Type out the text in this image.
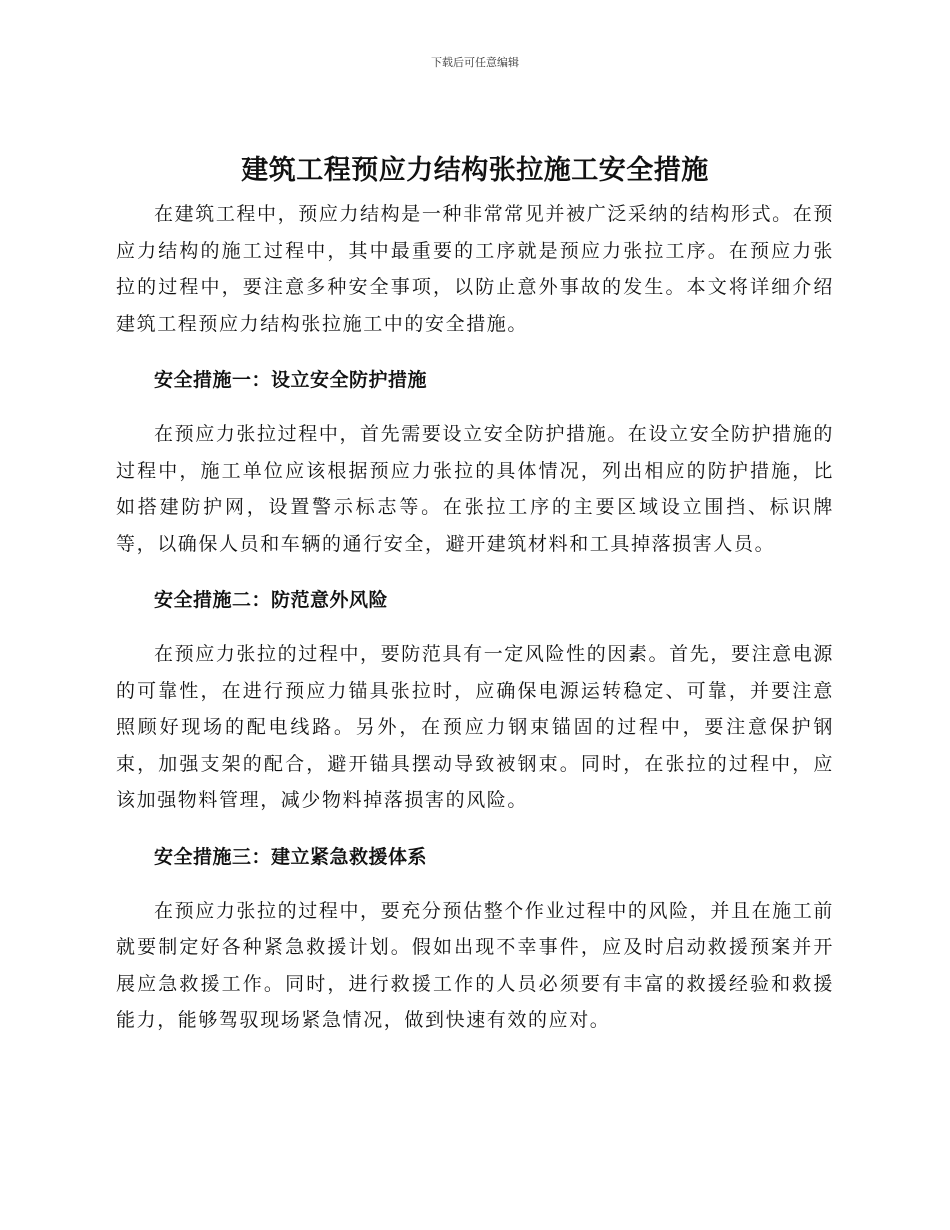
下载后可任意编辑
建筑工程预应力结构张拉施工安全措施

在建筑工程中，预应力结构是一种非常常见并被广泛采纳的结构形式。在预应力结构的施工过程中，其中最重要的工序就是预应力张拉工序。在预应力张拉的过程中，要注意多种安全事项，以防止意外事故的发生。本文将详细介绍建筑工程预应力结构张拉施工中的安全措施。

安全措施一：设立安全防护措施

在预应力张拉过程中，首先需要设立安全防护措施。在设立安全防护措施的过程中，施工单位应该根据预应力张拉的具体情况，列出相应的防护措施，比如搭建防护网，设置警示标志等。在张拉工序的主要区域设立围挡、标识牌等，以确保人员和车辆的通行安全，避开建筑材料和工具掉落损害人员。

安全措施二：防范意外风险

在预应力张拉的过程中，要防范具有一定风险性的因素。首先，要注意电源的可靠性，在进行预应力锚具张拉时，应确保电源运转稳定、可靠，并要注意照顾好现场的配电线路。另外，在预应力钢束锚固的过程中，要注意保护钢束，加强支架的配合，避开锚具摆动导致被钢束。同时，在张拉的过程中，应该加强物料管理，减少物料掉落损害的风险。

安全措施三：建立紧急救援体系

在预应力张拉的过程中，要充分预估整个作业过程中的风险，并且在施工前就要制定好各种紧急救援计划。假如出现不幸事件，应及时启动救援预案并开展应急救援工作。同时，进行救援工作的人员必须要有丰富的救援经验和救援能力，能够驾驭现场紧急情况，做到快速有效的应对。
